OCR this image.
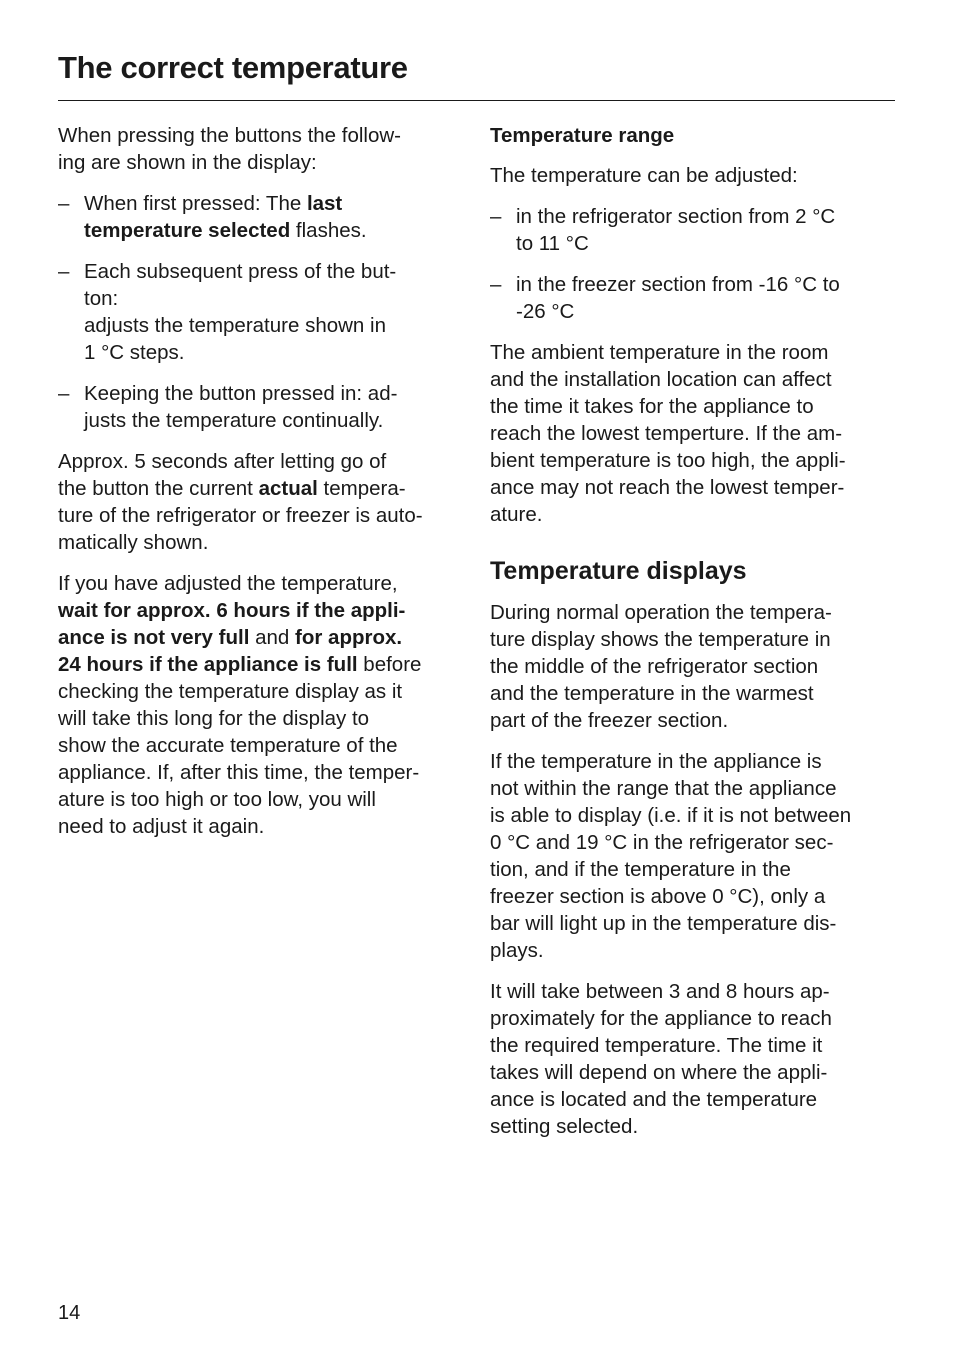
The correct temperature

When pressing the buttons the follow-
ing are shown in the display:

– When first pressed: The last
temperature selected flashes.
– Each subsequent press of the but-
ton:
adjusts the temperature shown in
1 °C steps.
– Keeping the button pressed in: ad-
justs the temperature continually.

Approx. 5 seconds after letting go of
the button the current actual tempera-
ture of the refrigerator or freezer is auto-
matically shown.

If you have adjusted the temperature,
wait for approx. 6 hours if the appli-
ance is not very full and for approx.
24 hours if the appliance is full before
checking the temperature display as it
will take this long for the display to
show the accurate temperature of the
appliance. If, after this time, the temper-
ature is too high or too low, you will
need to adjust it again.

Temperature range

The temperature can be adjusted:

– in the refrigerator section from 2 °C
to 11 °C
– in the freezer section from -16 °C to
-26 °C

The ambient temperature in the room
and the installation location can affect
the time it takes for the appliance to
reach the lowest temperture. If the am-
bient temperature is too high, the appli-
ance may not reach the lowest temper-
ature.

Temperature displays

During normal operation the tempera-
ture display shows the temperature in
the middle of the refrigerator section
and the temperature in the warmest
part of the freezer section.

If the temperature in the appliance is
not within the range that the appliance
is able to display (i.e. if it is not between
0 °C and 19 °C in the refrigerator sec-
tion, and if the temperature in the
freezer section is above 0 °C), only a
bar will light up in the temperature dis-
plays.

It will take between 3 and 8 hours ap-
proximately for the appliance to reach
the required temperature. The time it
takes will depend on where the appli-
ance is located and the temperature
setting selected.

14
